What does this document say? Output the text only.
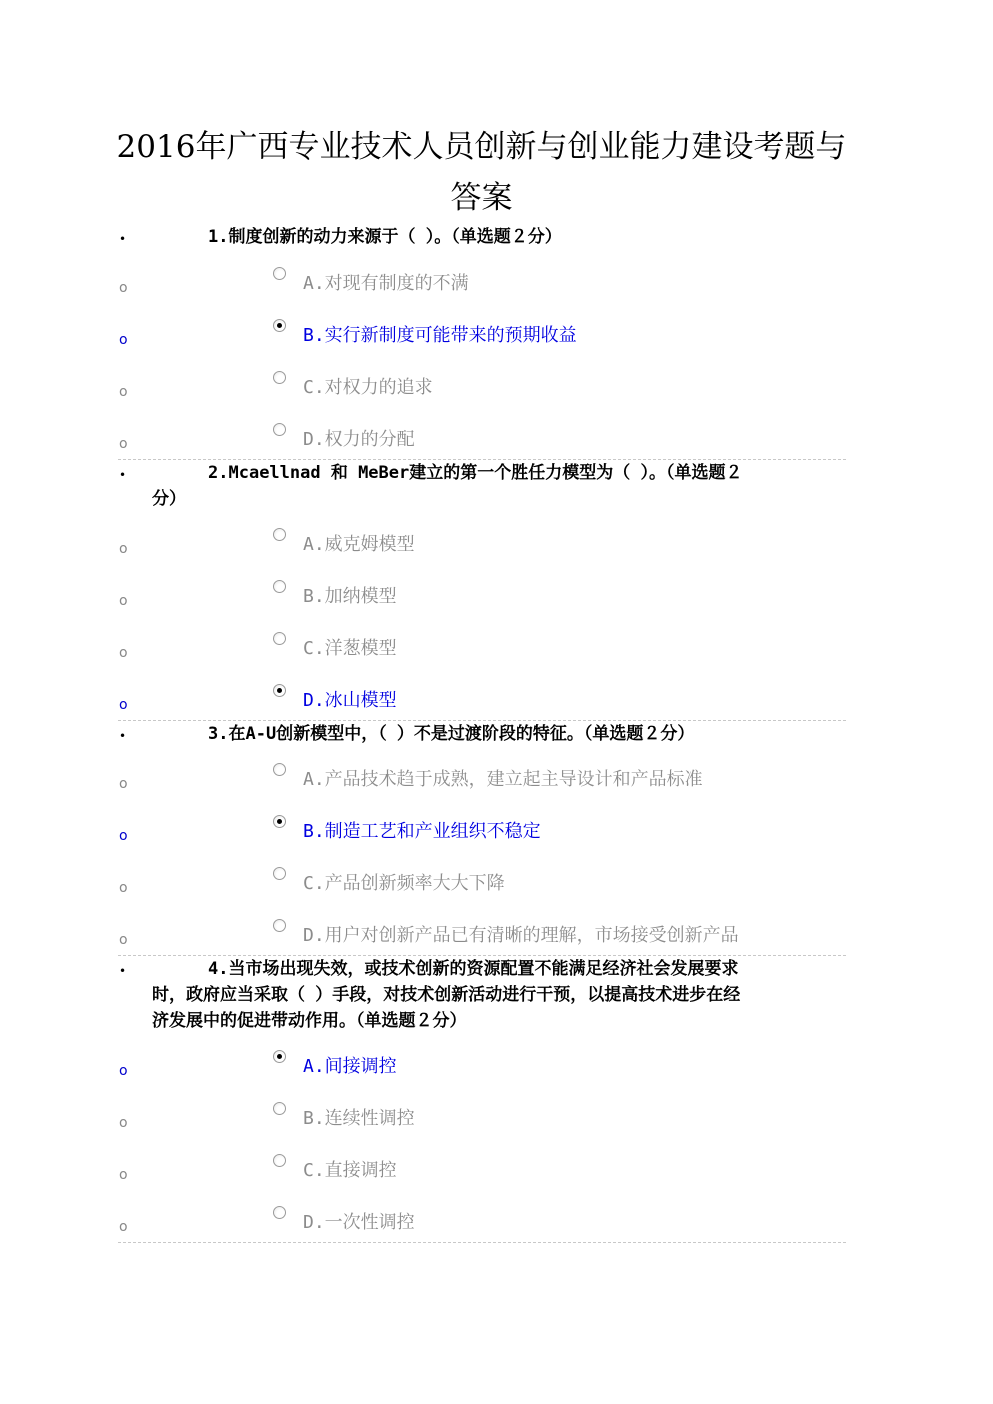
2016年广西专业技术人员创新与创业能力建设考题与
答案
•	1.制度创新的动力来源于（ ）。（单选题２分）
o	A.对现有制度的不满
o	B.实行新制度可能带来的预期收益
o	C.对权力的追求
o	D.权力的分配
•	2.Mcaellnad 和 MeBer建立的第一个胜任力模型为（ ）。（单选题２
分）
o	A.威克姆模型
o	B.加纳模型
o	C.洋葱模型
o	D.冰山模型
•	3.在A-U创新模型中，（ ）不是过渡阶段的特征。（单选题２分）
o	A.产品技术趋于成熟，建立起主导设计和产品标准
o	B.制造工艺和产业组织不稳定
o	C.产品创新频率大大下降
o	D.用户对创新产品已有清晰的理解，市场接受创新产品
•	4.当市场出现失效，或技术创新的资源配置不能满足经济社会发展要求
时，政府应当采取（ ）手段，对技术创新活动进行干预，以提高技术进步在经
济发展中的促进带动作用。（单选题２分）
o	A.间接调控
o	B.连续性调控
o	C.直接调控
o	D.一次性调控
